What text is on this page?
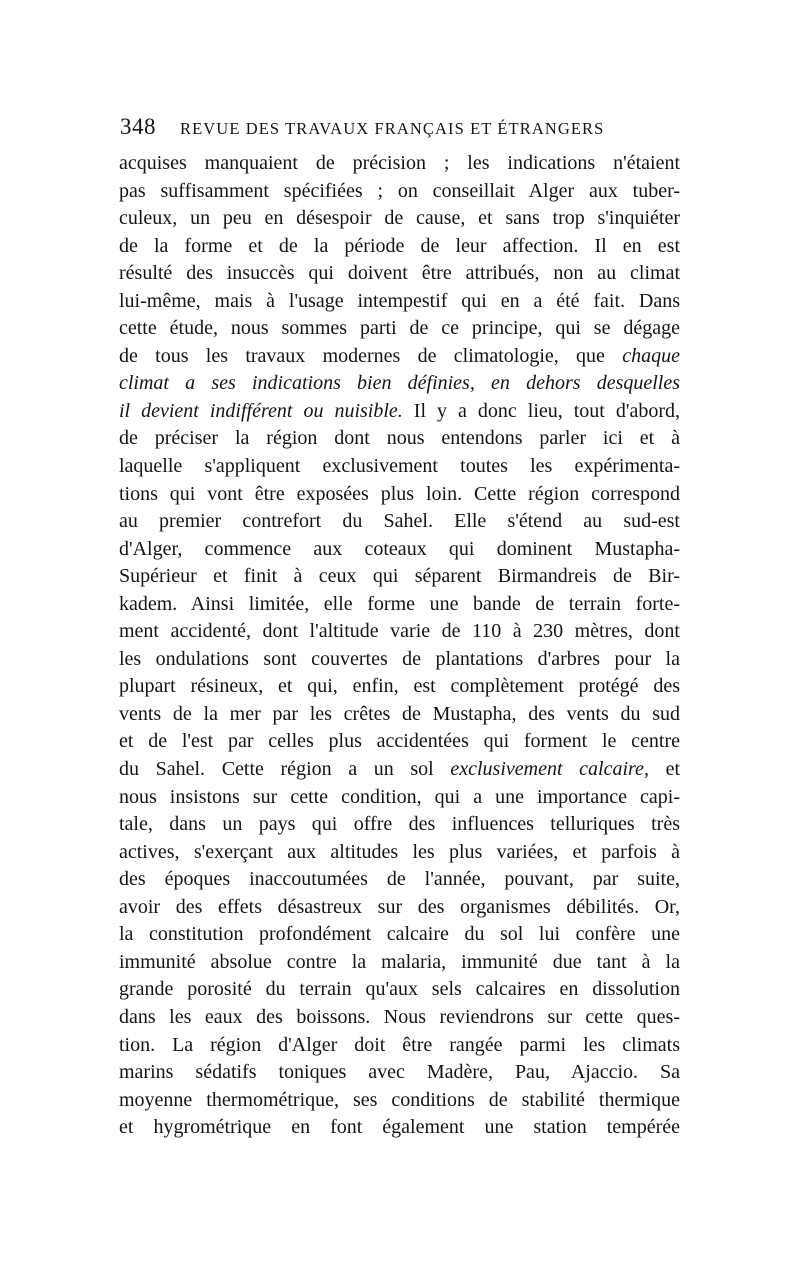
348 REVUE DES TRAVAUX FRANÇAIS ET ÉTRANGERS
acquises manquaient de précision ; les indications n'étaient
pas suffisamment spécifiées ; on conseillait Alger aux tuber-
culeux, un peu en désespoir de cause, et sans trop s'inquiéter
de la forme et de la période de leur affection. Il en est
résulté des insuccès qui doivent être attribués, non au climat
lui-même, mais à l'usage intempestif qui en a été fait. Dans
cette étude, nous sommes parti de ce principe, qui se dégage
de tous les travaux modernes de climatologie, que chaque
climat a ses indications bien définies, en dehors desquelles
il devient indifférent ou nuisible. Il y a donc lieu, tout d'abord,
de préciser la région dont nous entendons parler ici et à
laquelle s'appliquent exclusivement toutes les expérimenta-
tions qui vont être exposées plus loin. Cette région correspond
au premier contrefort du Sahel. Elle s'étend au sud-est
d'Alger, commence aux coteaux qui dominent Mustapha-
Supérieur et finit à ceux qui séparent Birmandreis de Bir-
kadem. Ainsi limitée, elle forme une bande de terrain forte-
ment accidenté, dont l'altitude varie de 110 à 230 mètres, dont
les ondulations sont couvertes de plantations d'arbres pour la
plupart résineux, et qui, enfin, est complètement protégé des
vents de la mer par les crêtes de Mustapha, des vents du sud
et de l'est par celles plus accidentées qui forment le centre
du Sahel. Cette région a un sol exclusivement calcaire, et
nous insistons sur cette condition, qui a une importance capi-
tale, dans un pays qui offre des influences telluriques très
actives, s'exerçant aux altitudes les plus variées, et parfois à
des époques inaccoutumées de l'année, pouvant, par suite,
avoir des effets désastreux sur des organismes débilités. Or,
la constitution profondément calcaire du sol lui confère une
immunité absolue contre la malaria, immunité due tant à la
grande porosité du terrain qu'aux sels calcaires en dissolution
dans les eaux des boissons. Nous reviendrons sur cette ques-
tion. La région d'Alger doit être rangée parmi les climats
marins sédatifs toniques avec Madère, Pau, Ajaccio. Sa
moyenne thermométrique, ses conditions de stabilité thermique
et hygrométrique en font également une station tempérée
